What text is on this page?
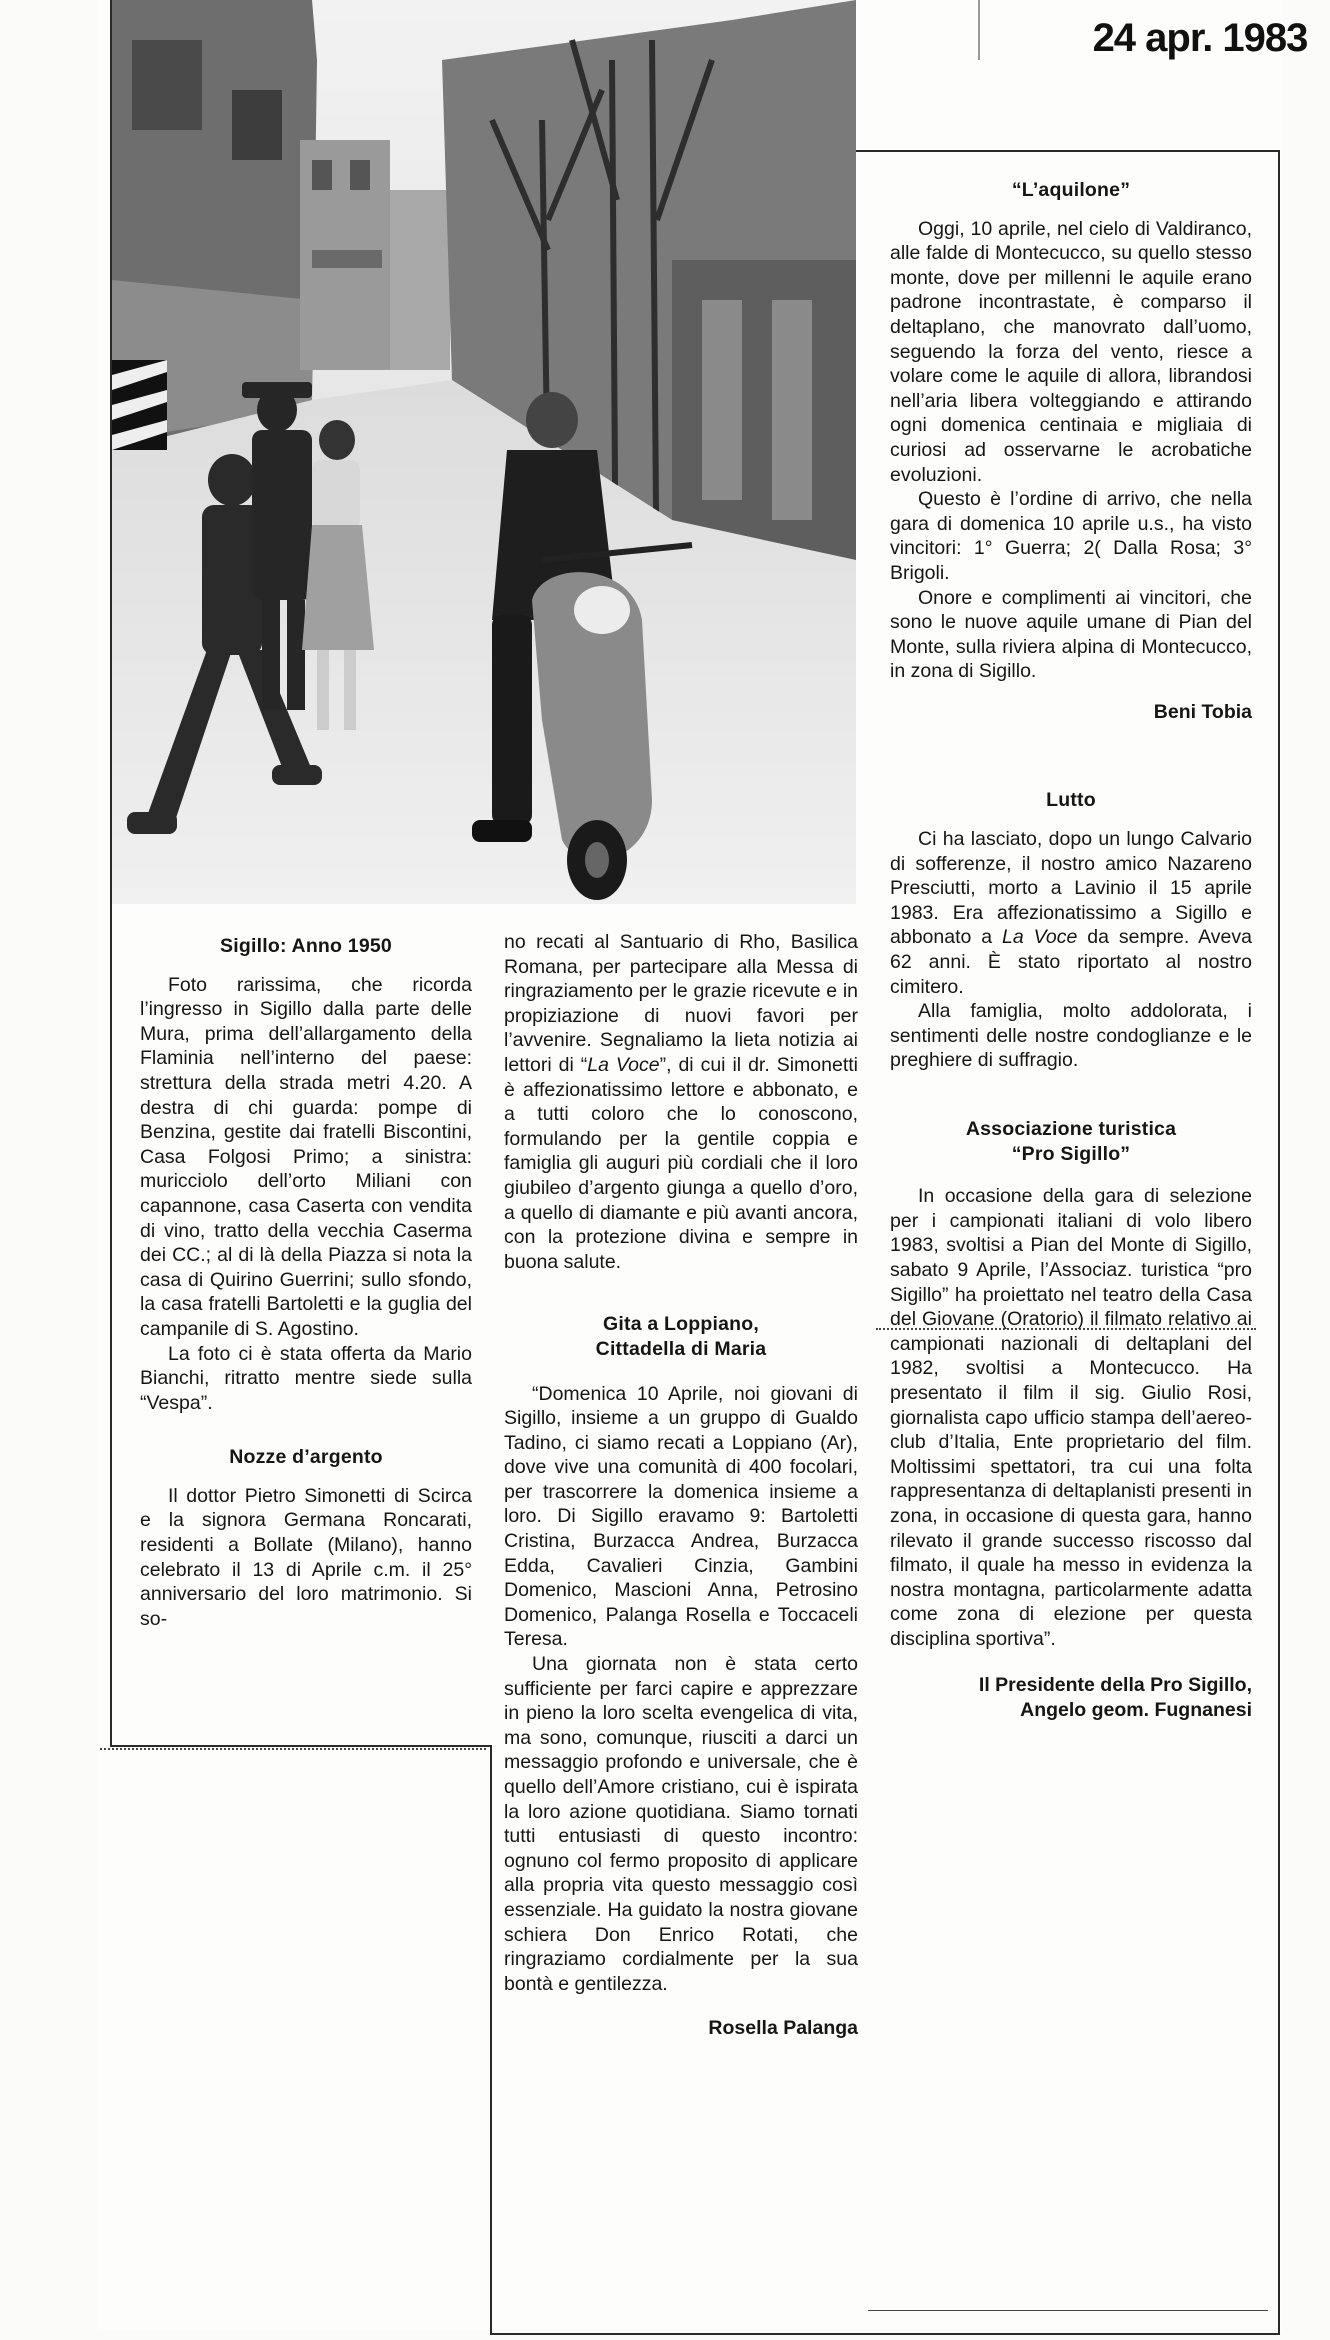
24 apr. 1983
Sigillo: Anno 1950

Foto rarissima, che ricorda l’ingresso in Sigillo dalla parte delle Mura, prima dell’allargamento della Flaminia nell’interno del paese: strettura della strada metri 4.20. A destra di chi guarda: pompe di Benzina, gestite dai fratelli Biscontini, Casa Folgosi Primo; a sinistra: muricciolo dell’orto Miliani con capannone, casa Caserta con vendita di vino, tratto della vecchia Caserma dei CC.; al di là della Piazza si nota la casa di Quirino Guerrini; sullo sfondo, la casa fratelli Bartoletti e la guglia del campanile di S. Agostino.

La foto ci è stata offerta da Mario Bianchi, ritratto mentre siede sulla “Vespa”.

Nozze d’argento

Il dottor Pietro Simonetti di Scirca e la signora Germana Roncarati, residenti a Bollate (Milano), hanno celebrato il 13 di Aprile c.m. il 25° anniversario del loro matrimonio. Si so-

no recati al Santuario di Rho, Basilica Romana, per partecipare alla Messa di ringraziamento per le grazie ricevute e in propiziazione di nuovi favori per l’avvenire. Segnaliamo la lieta notizia ai lettori di “La Voce”, di cui il dr. Simonetti è affezionatissimo lettore e abbonato, e a tutti coloro che lo conoscono, formulando per la gentile coppia e famiglia gli auguri più cordiali che il loro giubileo d’argento giunga a quello d’oro, a quello di diamante e più avanti ancora, con la protezione divina e sempre in buona salute.

Gita a Loppiano,
Cittadella di Maria

“Domenica 10 Aprile, noi giovani di Sigillo, insieme a un gruppo di Gualdo Tadino, ci siamo recati a Loppiano (Ar), dove vive una comunità di 400 focolari, per trascorrere la domenica insieme a loro. Di Sigillo eravamo 9: Bartoletti Cristina, Burzacca Andrea, Burzacca Edda, Cavalieri Cinzia, Gambini Domenico, Mascioni Anna, Petrosino Domenico, Palanga Rosella e Toccaceli Teresa.

Una giornata non è stata certo sufficiente per farci capire e apprezzare in pieno la loro scelta evengelica di vita, ma sono, comunque, riusciti a darci un messaggio profondo e universale, che è quello dell’Amore cristiano, cui è ispirata la loro azione quotidiana. Siamo tornati tutti entusiasti di questo incontro: ognuno col fermo proposito di applicare alla propria vita questo messaggio così essenziale. Ha guidato la nostra giovane schiera Don Enrico Rotati, che ringraziamo cordialmente per la sua bontà e gentilezza.

Rosella Palanga
“L’aquilone”

Oggi, 10 aprile, nel cielo di Valdiranco, alle falde di Montecucco, su quello stesso monte, dove per millenni le aquile erano padrone incontrastate, è comparso il deltaplano, che manovrato dall’uomo, seguendo la forza del vento, riesce a volare come le aquile di allora, librandosi nell’aria libera volteggiando e attirando ogni domenica centinaia e migliaia di curiosi ad osservarne le acrobatiche evoluzioni.

Questo è l’ordine di arrivo, che nella gara di domenica 10 aprile u.s., ha visto vincitori: 1° Guerra; 2( Dalla Rosa; 3° Brigoli.

Onore e complimenti ai vincitori, che sono le nuove aquile umane di Pian del Monte, sulla riviera alpina di Montecucco, in zona di Sigillo.

Beni Tobia
Lutto

Ci ha lasciato, dopo un lungo Calvario di sofferenze, il nostro amico Nazareno Presciutti, morto a Lavinio il 15 aprile 1983. Era affezionatissimo a Sigillo e abbonato a La Voce da sempre. Aveva 62 anni. È stato riportato al nostro cimitero.

Alla famiglia, molto addolorata, i sentimenti delle nostre condoglianze e le preghiere di suffragio.

Associazione turistica
“Pro Sigillo”

In occasione della gara di selezione per i campionati italiani di volo libero 1983, svoltisi a Pian del Monte di Sigillo, sabato 9 Aprile, l’Associaz. turistica “pro Sigillo” ha proiettato nel teatro della Casa del Giovane (Oratorio) il filmato relativo ai campionati nazionali di deltaplani del 1982, svoltisi a Montecucco. Ha presentato il film il sig. Giulio Rosi, giornalista capo ufficio stampa dell’aereo-club d’Italia, Ente proprietario del film. Moltissimi spettatori, tra cui una folta rappresentanza di deltaplanisti presenti in zona, in occasione di questa gara, hanno rilevato il grande successo riscosso dal filmato, il quale ha messo in evidenza la nostra montagna, particolarmente adatta come zona di elezione per questa disciplina sportiva”.

Il Presidente della Pro Sigillo,
Angelo geom. Fugnanesi
